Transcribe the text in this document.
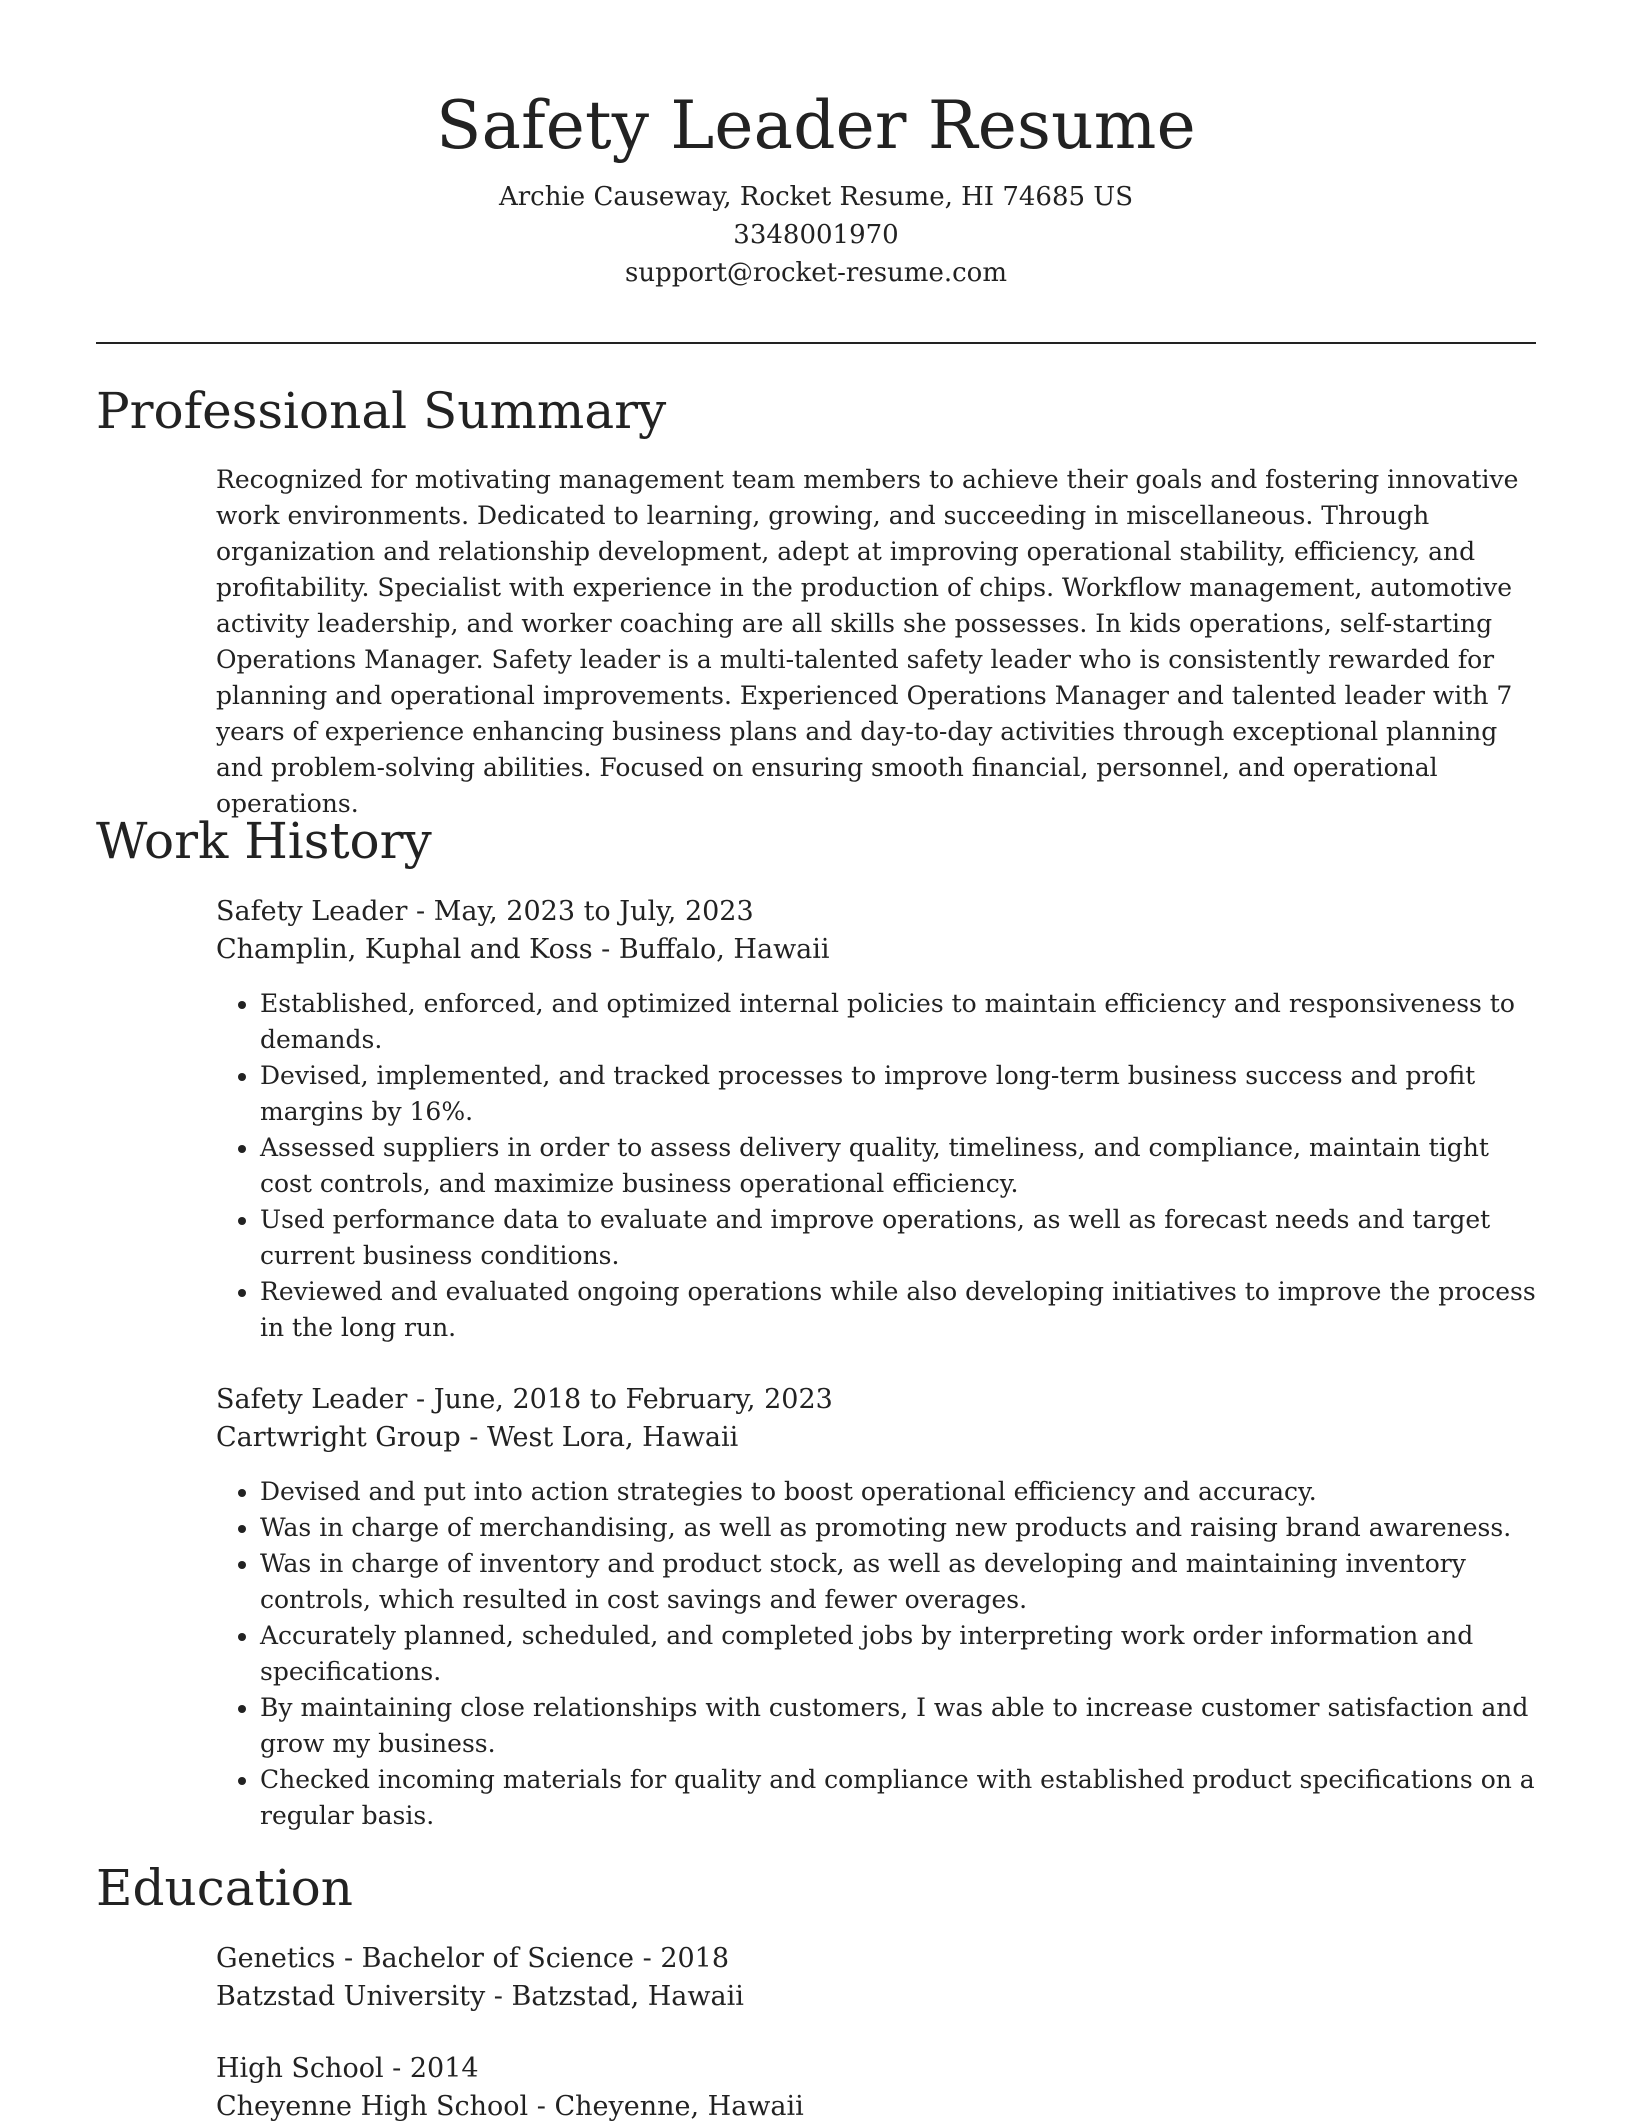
Safety Leader Resume

Archie Causeway, Rocket Resume, HI 74685 US

3348001970

support@rocket-resume.com

Professional Summary

Recognized for motivating management team members to achieve their goals and fostering innovative work environments. Dedicated to learning, growing, and succeeding in miscellaneous. Through organization and relationship development, adept at improving operational stability, efficiency, and profitability. Specialist with experience in the production of chips. Workflow management, automotive activity leadership, and worker coaching are all skills she possesses. In kids operations, self-starting Operations Manager. Safety leader is a multi-talented safety leader who is consistently rewarded for planning and operational improvements. Experienced Operations Manager and talented leader with 7 years of experience enhancing business plans and day-to-day activities through exceptional planning and problem-solving abilities. Focused on ensuring smooth financial, personnel, and operational operations.

Work History

Safety Leader - May, 2023 to July, 2023

Champlin, Kuphal and Koss - Buffalo, Hawaii

• Established, enforced, and optimized internal policies to maintain efficiency and responsiveness to demands.
• Devised, implemented, and tracked processes to improve long-term business success and profit margins by 16%.
• Assessed suppliers in order to assess delivery quality, timeliness, and compliance, maintain tight cost controls, and maximize business operational efficiency.
• Used performance data to evaluate and improve operations, as well as forecast needs and target current business conditions.
• Reviewed and evaluated ongoing operations while also developing initiatives to improve the process in the long run.

Safety Leader - June, 2018 to February, 2023

Cartwright Group - West Lora, Hawaii

• Devised and put into action strategies to boost operational efficiency and accuracy.
• Was in charge of merchandising, as well as promoting new products and raising brand awareness.
• Was in charge of inventory and product stock, as well as developing and maintaining inventory controls, which resulted in cost savings and fewer overages.
• Accurately planned, scheduled, and completed jobs by interpreting work order information and specifications.
• By maintaining close relationships with customers, I was able to increase customer satisfaction and grow my business.
• Checked incoming materials for quality and compliance with established product specifications on a regular basis.
Education

Genetics - Bachelor of Science - 2018

Batzstad University - Batzstad, Hawaii

High School - 2014

Cheyenne High School - Cheyenne, Hawaii
